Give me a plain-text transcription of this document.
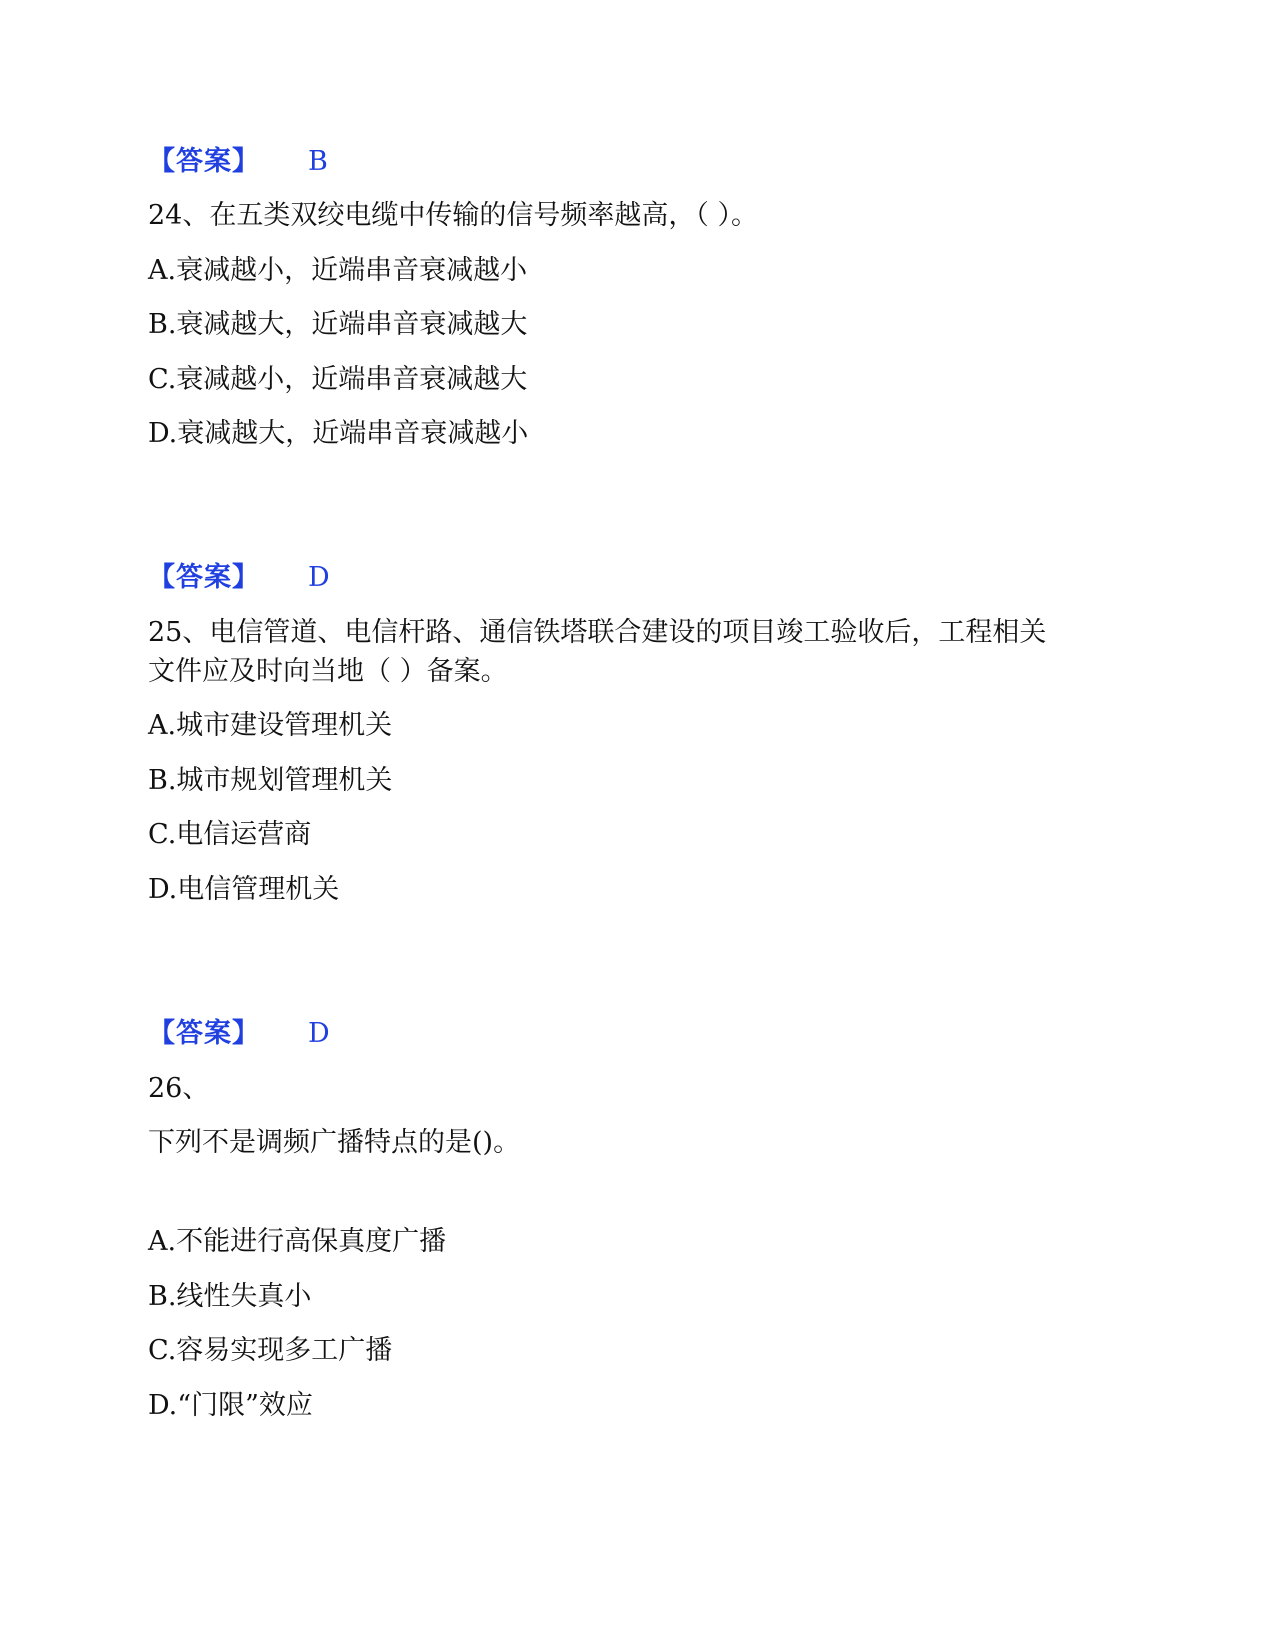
【答案】 B
24、在五类双绞电缆中传输的信号频率越高，（ ）。
A.衰减越小，近端串音衰减越小
B.衰减越大，近端串音衰减越大
C.衰减越小，近端串音衰减越大
D.衰减越大，近端串音衰减越小
【答案】 D
25、电信管道、电信杆路、通信铁塔联合建设的项目竣工验收后，工程相关
文件应及时向当地（ ）备案。
A.城市建设管理机关
B.城市规划管理机关
C.电信运营商
D.电信管理机关
【答案】 D
26、
下列不是调频广播特点的是()。
A.不能进行高保真度广播
B.线性失真小
C.容易实现多工广播
D.“门限”效应
